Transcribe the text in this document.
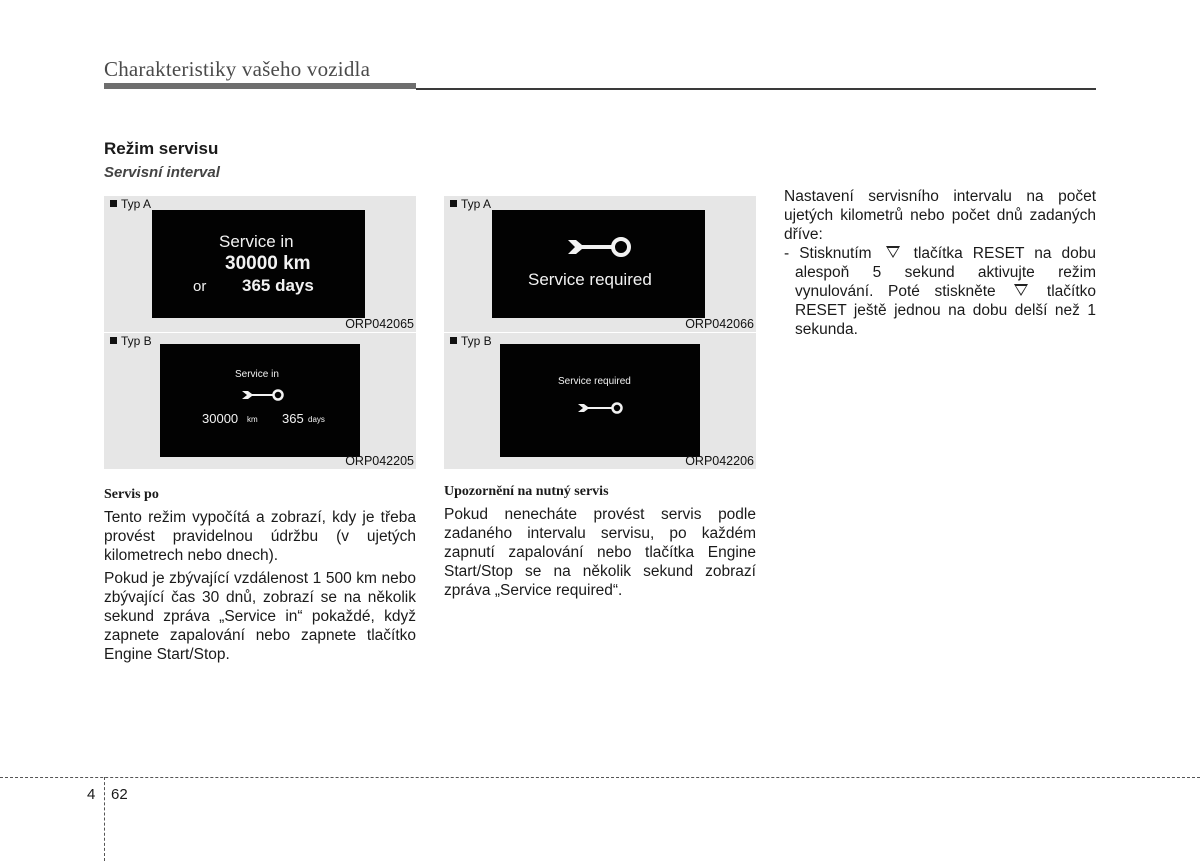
Charakteristiky vašeho vozidla
Režim servisu
Servisní interval
Typ A
Service in
30000 km
or 365 days
ORP042065
Typ A
Service required
ORP042066
Typ B
Service in
30000 km 365 days
ORP042205
Typ B
Service required
ORP042206
Servis po

Tento režim vypočítá a zobrazí, kdy je třeba provést pravidelnou údržbu (v ujetých kilometrech nebo dnech).

Pokud je zbývající vzdálenost 1 500 km nebo zbývající čas 30 dnů, zobrazí se na několik sekund zpráva „Service in“ pokaždé, když zapnete zapalování nebo zapnete tlačítko Engine Start/Stop.

Upozornění na nutný servis

Pokud nenecháte provést servis podle zadaného intervalu servisu, po každém zapnutí zapalování nebo tlačítka Engine Start/Stop se na několik sekund zobrazí zpráva „Service required“.

Nastavení servisního intervalu na počet ujetých kilometrů nebo počet dnů zadaných dříve:

- Stisknutím	tlačítka RESET na dobu alespoň 5 sekund aktivujte režim vynulování. Poté stiskněte	tlačítko RESET ještě jednou na dobu delší než 1 sekunda.

4 62
